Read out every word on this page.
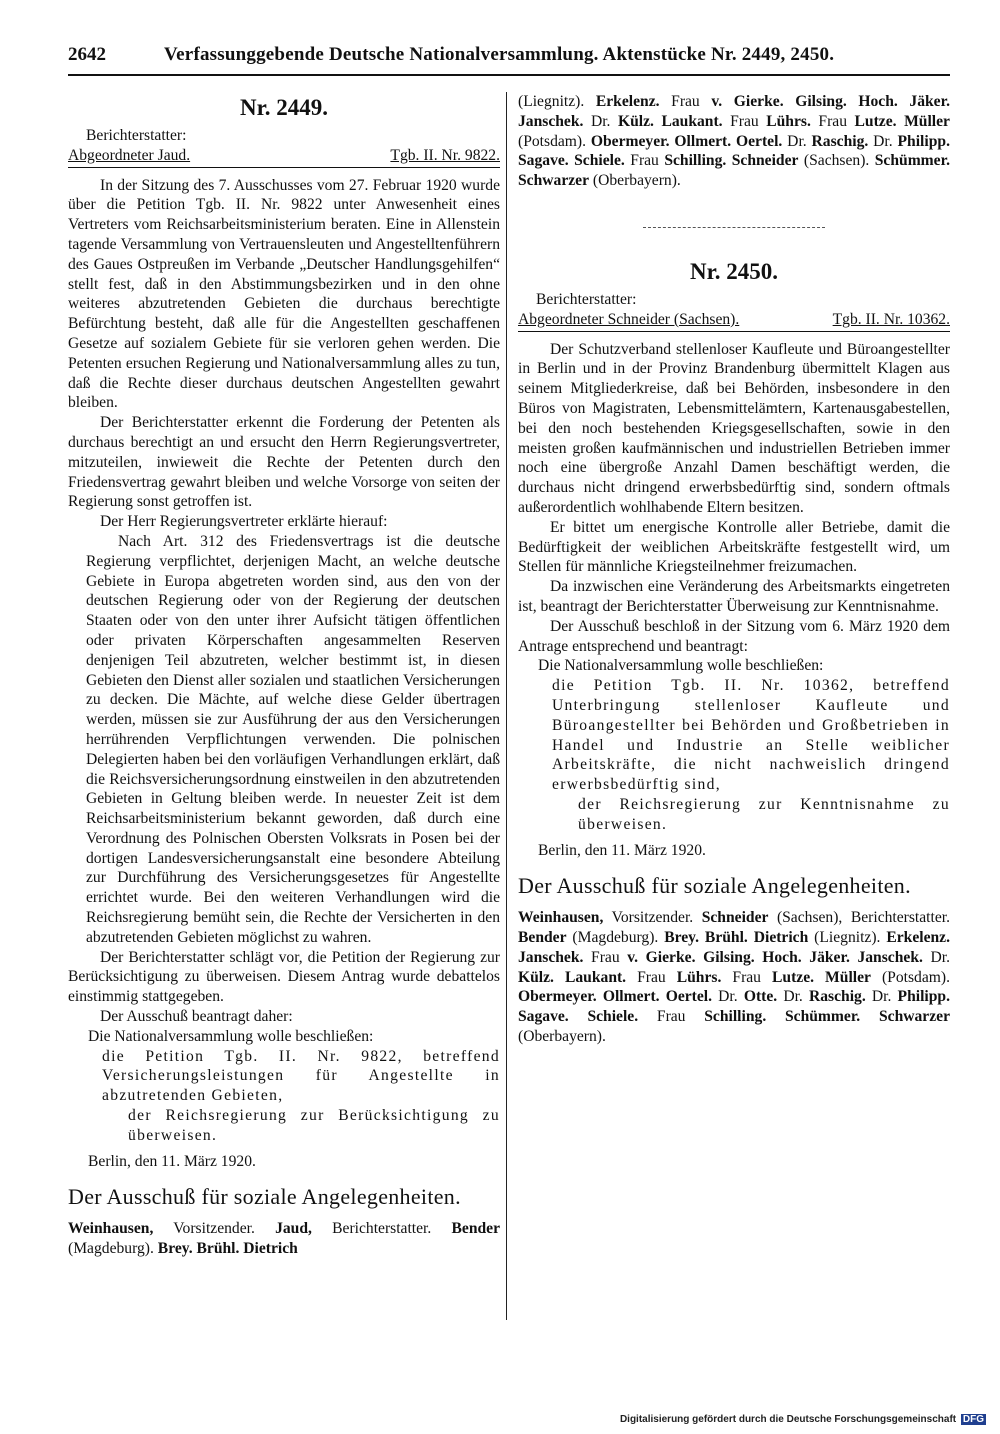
2642	Verfassunggebende Deutsche Nationalversammlung. Aktenstücke Nr. 2449, 2450.
Nr. 2449.
Berichterstatter:
Abgeordneter Jaud.	Tgb. II. Nr. 9822.

In der Sitzung des 7. Ausschusses vom 27. Februar 1920 wurde über die Petition Tgb. II. Nr. 9822 unter Anwesenheit eines Vertreters vom Reichsarbeitsministerium beraten. Eine in Allenstein tagende Versammlung von Vertrauensleuten und Angestelltenführern des Gaues Ostpreußen im Verbande „Deutscher Handlungsgehilfen“ stellt fest, daß in den Abstimmungsbezirken und in den ohne weiteres abzutretenden Gebieten die durchaus berechtigte Befürchtung besteht, daß alle für die Angestellten geschaffenen Gesetze auf sozialem Gebiete für sie verloren gehen werden. Die Petenten ersuchen Regierung und Nationalversammlung alles zu tun, daß die Rechte dieser durchaus deutschen Angestellten gewahrt bleiben.

Der Berichterstatter erkennt die Forderung der Petenten als durchaus berechtigt an und ersucht den Herrn Regierungsvertreter, mitzuteilen, inwieweit die Rechte der Petenten durch den Friedensvertrag gewahrt bleiben und welche Vorsorge von seiten der Regierung sonst getroffen ist.

Der Herr Regierungsvertreter erklärte hierauf:

Nach Art. 312 des Friedensvertrags ist die deutsche Regierung verpflichtet, derjenigen Macht, an welche deutsche Gebiete in Europa abgetreten worden sind, aus den von der deutschen Regierung oder von der Regierung der deutschen Staaten oder von den unter ihrer Aufsicht tätigen öffentlichen oder privaten Körperschaften angesammelten Reserven denjenigen Teil abzutreten, welcher bestimmt ist, in diesen Gebieten den Dienst aller sozialen und staatlichen Versicherungen zu decken. Die Mächte, auf welche diese Gelder übertragen werden, müssen sie zur Ausführung der aus den Versicherungen herrührenden Verpflichtungen verwenden. Die polnischen Delegierten haben bei den vorläufigen Verhandlungen erklärt, daß die Reichsversicherungsordnung einstweilen in den abzutretenden Gebieten in Geltung bleiben werde. In neuester Zeit ist dem Reichsarbeitsministerium bekannt geworden, daß durch eine Verordnung des Polnischen Obersten Volksrats in Posen bei der dortigen Landesversicherungsanstalt eine besondere Abteilung zur Durchführung des Versicherungsgesetzes für Angestellte errichtet wurde. Bei den weiteren Verhandlungen wird die Reichsregierung bemüht sein, die Rechte der Versicherten in den abzutretenden Gebieten möglichst zu wahren.

Der Berichterstatter schlägt vor, die Petition der Regierung zur Berücksichtigung zu überweisen. Diesem Antrag wurde debattelos einstimmig stattgegeben.

Der Ausschuß beantragt daher:

Die Nationalversammlung wolle beschließen:

die Petition Tgb. II. Nr. 9822, betreffend Versicherungsleistungen für Angestellte in abzutretenden Gebieten,

der Reichsregierung zur Berücksichtigung zu überweisen.

Berlin, den 11. März 1920.
Der Ausschuß für soziale Angelegenheiten.

Weinhausen, Vorsitzender. Jaud, Berichterstatter. Bender (Magdeburg). Brey. Brühl. Dietrich

(Liegnitz). Erkelenz. Frau v. Gierke. Gilsing. Hoch. Jäker. Janschek. Dr. Külz. Laukant. Frau Lührs. Frau Lutze. Müller (Potsdam). Obermeyer. Ollmert. Oertel. Dr. Raschig. Dr. Philipp. Sagave. Schiele. Frau Schilling. Schneider (Sachsen). Schümmer. Schwarzer (Oberbayern).

Nr. 2450.
Berichterstatter:
Abgeordneter Schneider (Sachsen).	Tgb. II. Nr. 10362.

Der Schutzverband stellenloser Kaufleute und Büroangestellter in Berlin und in der Provinz Brandenburg übermittelt Klagen aus seinem Mitgliederkreise, daß bei Behörden, insbesondere in den Büros von Magistraten, Lebensmittelämtern, Kartenausgabestellen, bei den noch bestehenden Kriegsgesellschaften, sowie in den meisten großen kaufmännischen und industriellen Betrieben immer noch eine übergroße Anzahl Damen beschäftigt werden, die durchaus nicht dringend erwerbsbedürftig sind, sondern oftmals außerordentlich wohlhabende Eltern besitzen.

Er bittet um energische Kontrolle aller Betriebe, damit die Bedürftigkeit der weiblichen Arbeitskräfte festgestellt wird, um Stellen für männliche Kriegsteilnehmer freizumachen.

Da inzwischen eine Veränderung des Arbeitsmarkts eingetreten ist, beantragt der Berichterstatter Überweisung zur Kenntnisnahme.

Der Ausschuß beschloß in der Sitzung vom 6. März 1920 dem Antrage entsprechend und beantragt:

Die Nationalversammlung wolle beschließen:

die Petition Tgb. II. Nr. 10362, betreffend Unterbringung stellenloser Kaufleute und Büroangestellter bei Behörden und Großbetrieben in Handel und Industrie an Stelle weiblicher Arbeitskräfte, die nicht nachweislich dringend erwerbsbedürftig sind,

der Reichsregierung zur Kenntnisnahme zu überweisen.

Berlin, den 11. März 1920.
Der Ausschuß für soziale Angelegenheiten.

Weinhausen, Vorsitzender. Schneider (Sachsen), Berichterstatter. Bender (Magdeburg). Brey. Brühl. Dietrich (Liegnitz). Erkelenz. Janschek. Frau v. Gierke. Gilsing. Hoch. Jäker. Janschek. Dr. Külz. Laukant. Frau Lührs. Frau Lutze. Müller (Potsdam). Obermeyer. Ollmert. Oertel. Dr. Otte. Dr. Raschig. Dr. Philipp. Sagave. Schiele. Frau Schilling. Schümmer. Schwarzer (Oberbayern).

Digitalisierung gefördert durch die Deutsche Forschungsgemeinschaft DFG
